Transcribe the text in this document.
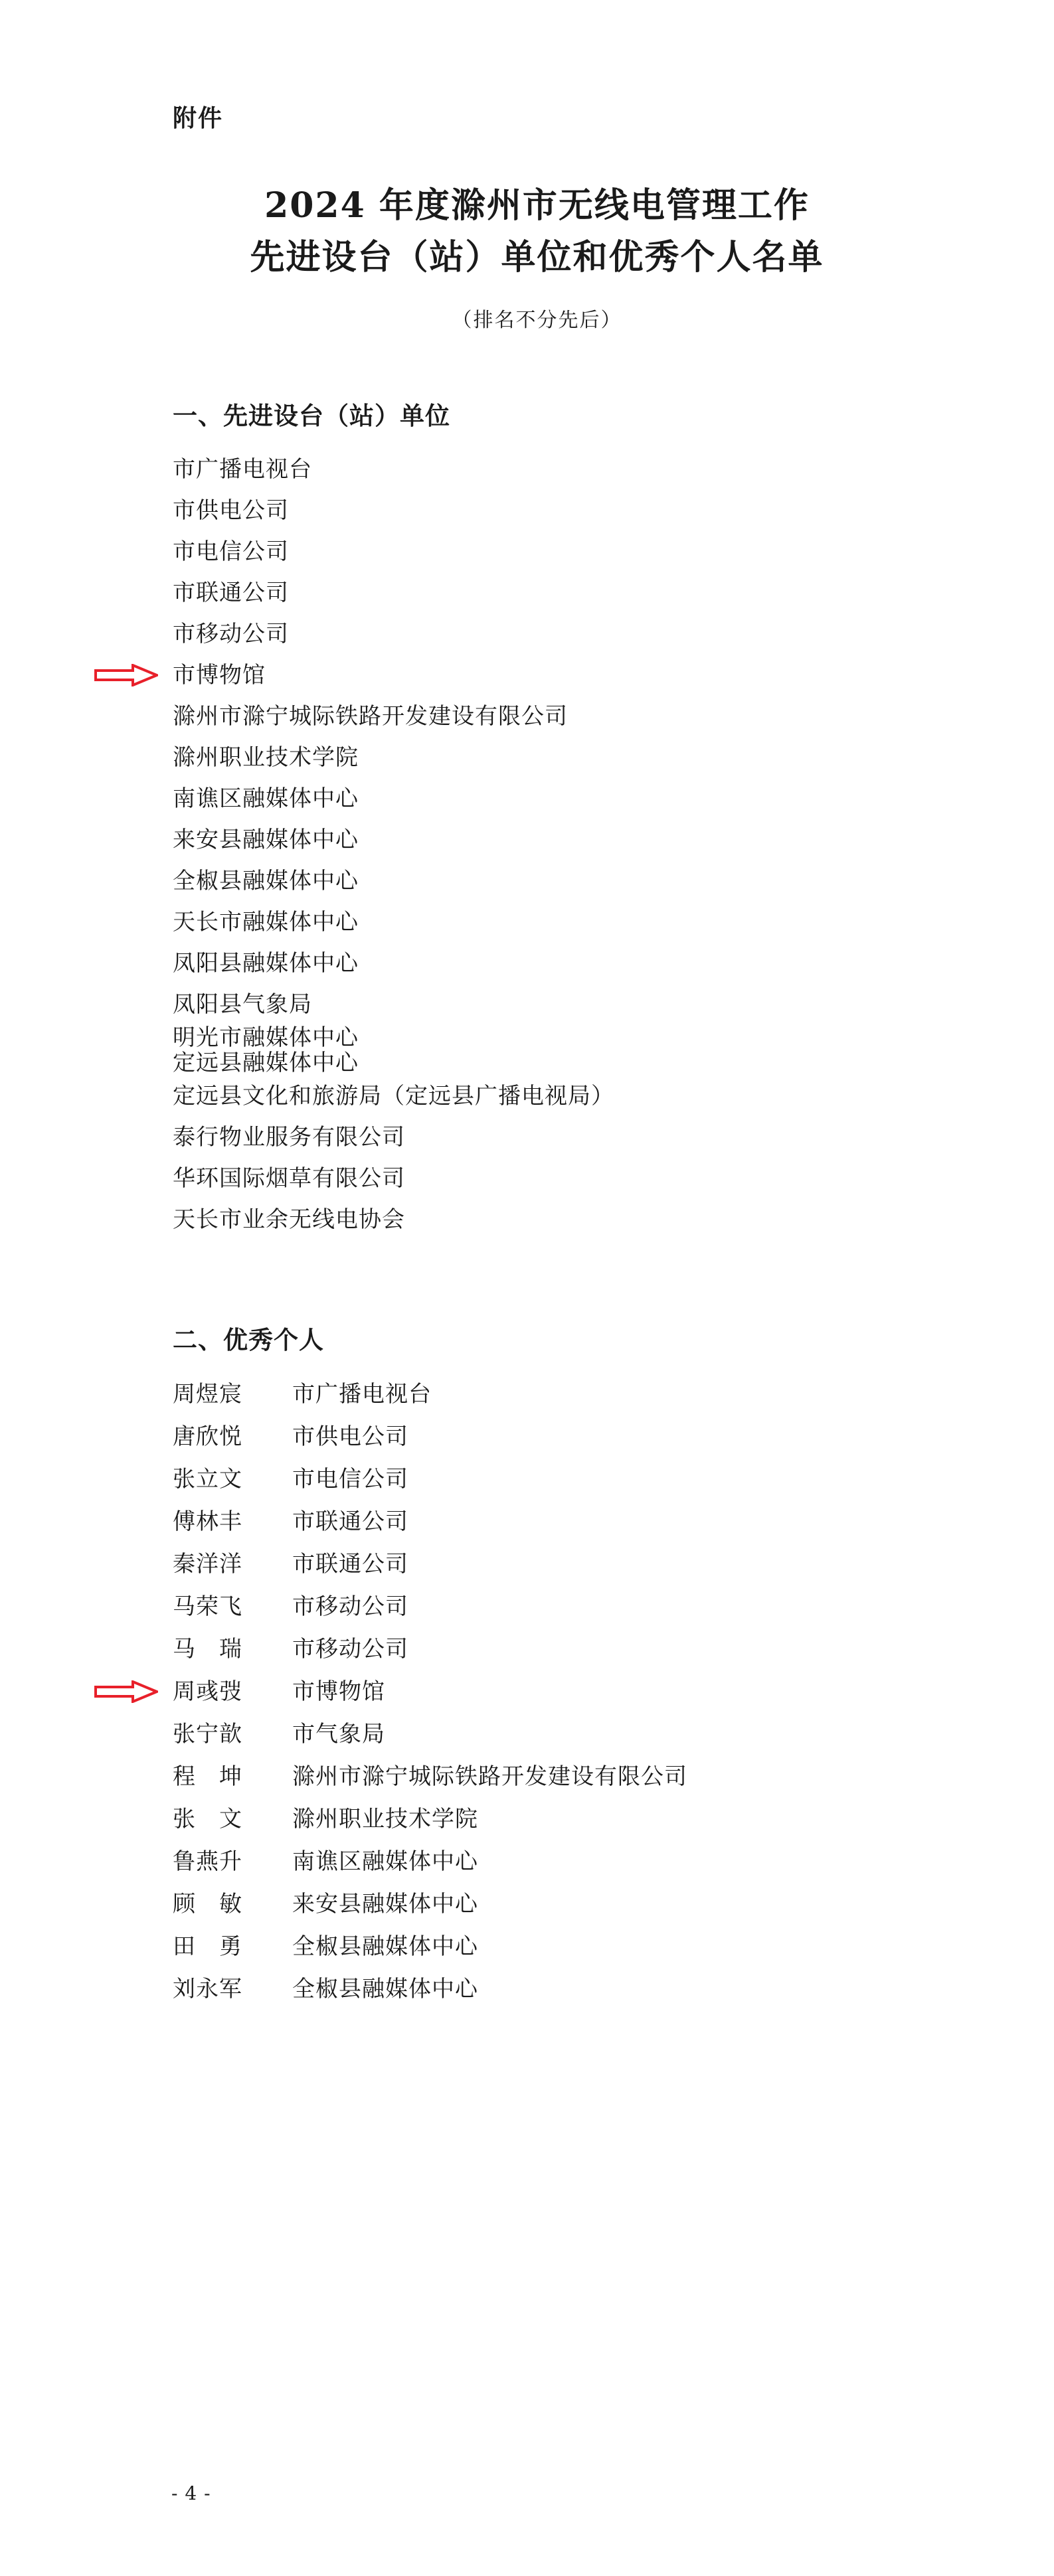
附件
2024 年度滁州市无线电管理工作
先进设台（站）单位和优秀个人名单
（排名不分先后）
一、先进设台（站）单位
市广播电视台
市供电公司
市电信公司
市联通公司
市移动公司
市博物馆
滁州市滁宁城际铁路开发建设有限公司
滁州职业技术学院
南谯区融媒体中心
来安县融媒体中心
全椒县融媒体中心
天长市融媒体中心
凤阳县融媒体中心
凤阳县气象局
明光市融媒体中心
定远县融媒体中心
定远县文化和旅游局（定远县广播电视局）
泰行物业服务有限公司
华环国际烟草有限公司
天长市业余无线电协会
二、优秀个人
周煜宸	市广播电视台
唐欣悦	市供电公司
张立文	市电信公司
傅林丰	市联通公司
秦洋洋	市联通公司
马荣飞	市移动公司
马　瑞	市移动公司
周彧弢	市博物馆
张宁歆	市气象局
程　坤	滁州市滁宁城际铁路开发建设有限公司
张　文	滁州职业技术学院
鲁燕升	南谯区融媒体中心
顾　敏	来安县融媒体中心
田　勇	全椒县融媒体中心
刘永军	全椒县融媒体中心
- 4 -
